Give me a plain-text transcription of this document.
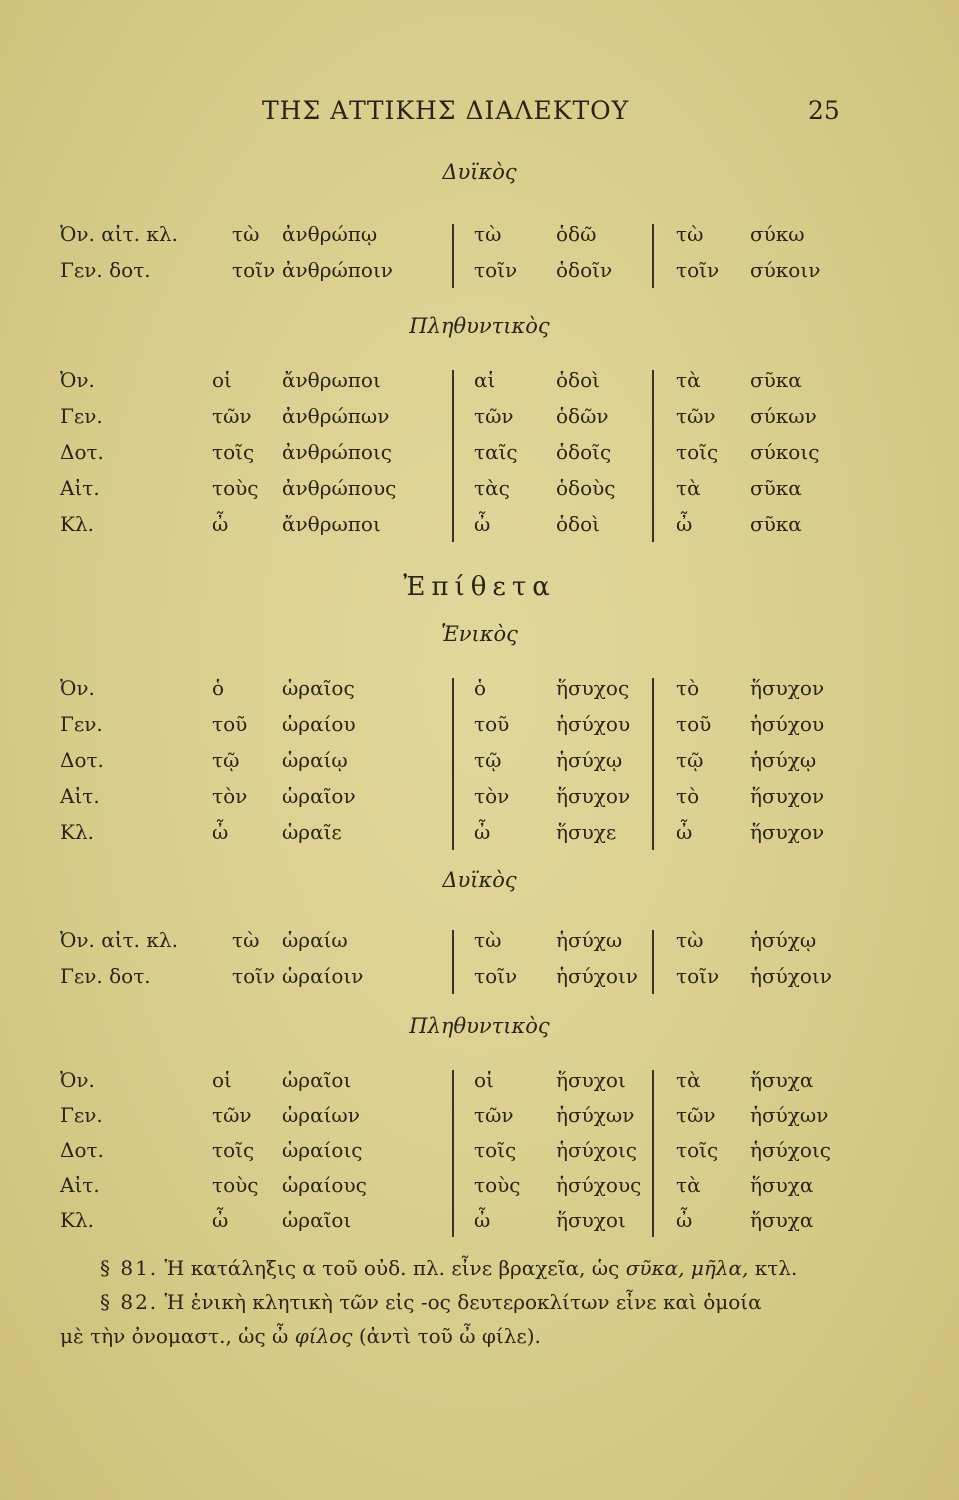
ΤΗΣ ΑΤΤΙΚΗΣ ΔΙΑΛΕΚΤΟΥ	25
Δυϊκὸς
Ὀν. αἰτ. κλ.	τὼ ἀνθρώπῳ	τὼ	ὁδῶ	τὼ σύκω
Γεν. δοτ.	τοῖν ἀνθρώποιν	τοῖν ὁδοῖν	τοῖν σύκοιν
Πληθυντικὸς
Ὀν.	οἱ	ἄνθρωποι	αἱ	ὁδοὶ	τὰ σῦκα
Γεν.	τῶν ἀνθρώπων	τῶν ὁδῶν	τῶν σύκων
Δοτ.	τοῖς ἀνθρώποις	ταῖς ὁδοῖς	τοῖς σύκοις
Αἰτ.	τοὺς ἀνθρώπους	τὰς ὁδοὺς	τὰ σῦκα
Κλ.	ὦ	ἄνθρωποι	ὦ	ὁδοὶ	ὦ	σῦκα
Ἐπίθετα
Ἑνικὸς
Ὀν.	ὁ	ὡραῖος	ὁ	ἥσυχος τὸ	ἥσυχον
Γεν.	τοῦ ὡραίου	τοῦ ἡσύχου τοῦ ἡσύχου
Δοτ.	τῷ ὡραίῳ	τῷ	ἡσύχῳ	τῷ ἡσύχῳ
Αἰτ.	τὸν ὡραῖον	τὸν ἥσυχον τὸ	ἥσυχον
Κλ.	ὦ	ὡραῖε	ὦ	ἥσυχε	ὦ	ἥσυχον
Δυϊκὸς
Ὀν. αἰτ. κλ.	τὼ ὡραίω	τὼ	ἡσύχω	τὼ ἡσύχῳ
Γεν. δοτ.	τοῖν ὡραίοιν	τοῖν ἡσύχοιν τοῖν ἡσύχοιν
Πληθυντικὸς
Ὀν.	οἱ	ὡραῖοι	οἱ	ἥσυχοι	τὰ ἥσυχα
Γεν.	τῶν ὡραίων	τῶν ἡσύχων τῶν ἡσύχων
Δοτ.	τοῖς ὡραίοις	τοῖς ἡσύχοις τοῖς ἡσύχοις
Αἰτ.	τοὺς ὡραίους	τοὺς ἡσύχους τὰ ἥσυχα
Κλ.	ὦ	ὡραῖοι	ὦ	ἥσυχοι	ὦ	ἥσυχα
§ 81. Ἡ κατάληξις α τοῦ οὐδ. πλ. εἶνε βραχεῖα, ὡς σῦκα, μῆλα, κτλ.
§ 82. Ἡ ἑνικὴ κλητικὴ τῶν εἰς -ος δευτεροκλίτων εἶνε καὶ ὁμοία
μὲ τὴν ὀνομαστ., ὡς ὦ φίλος (ἀντὶ τοῦ ὦ φίλε).
